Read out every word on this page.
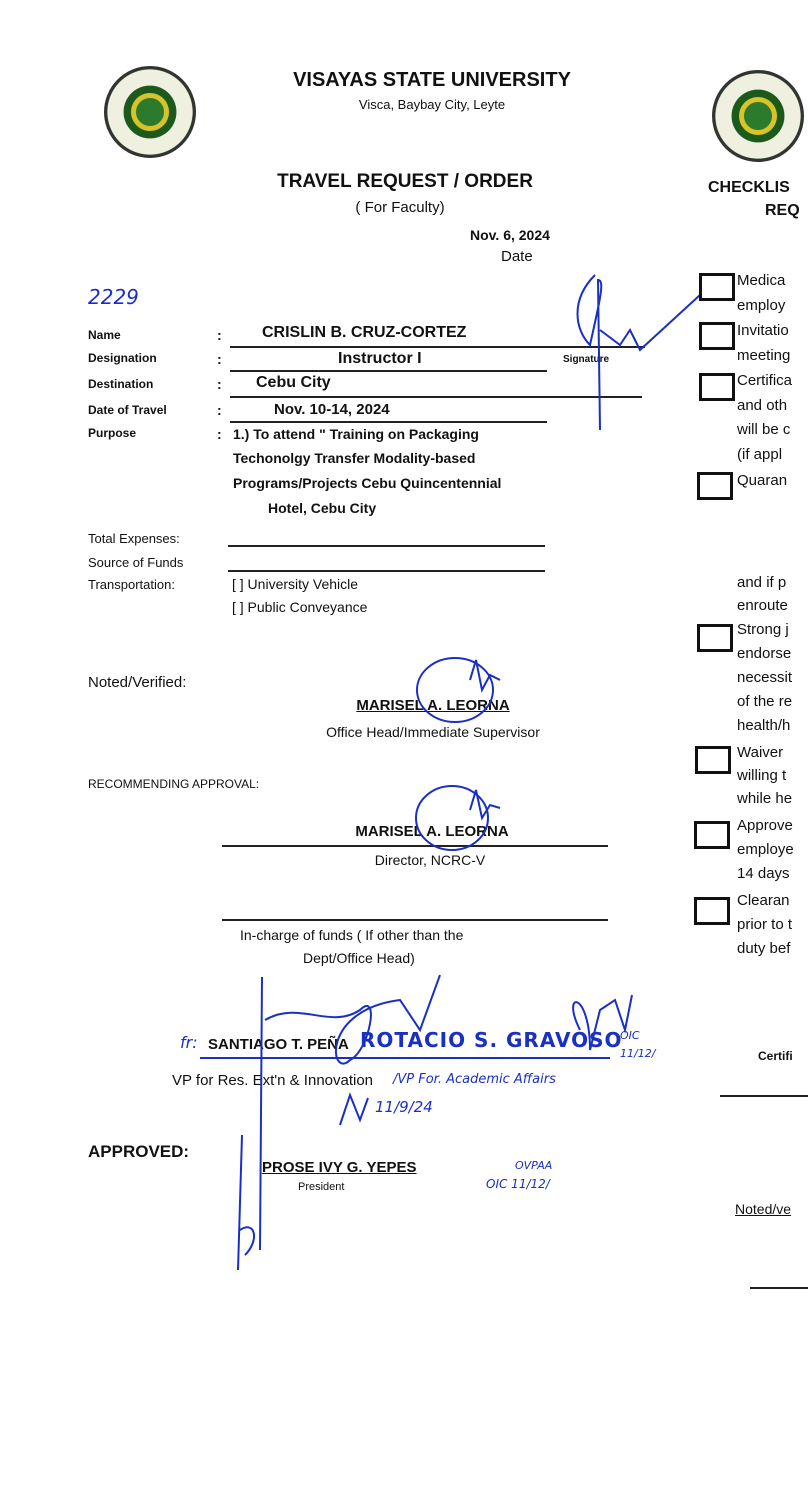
VISAYAS STATE UNIVERSITY
Visca, Baybay City, Leyte
TRAVEL REQUEST / ORDER
( For Faculty)
Nov. 6, 2024
Date
2229
Name
Designation
Destination
Date of Travel
Purpose
:
:
:
:
:
CRISLIN B. CRUZ-CORTEZ
Instructor I
Cebu City
Nov. 10-14, 2024
1.) To attend " Training on Packaging
Techonolgy Transfer Modality-based
Programs/Projects Cebu Quincentennial
Hotel, Cebu City
Signature
Total Expenses:
Source of Funds
Transportation:	[ ] University Vehicle
[ ] Public Conveyance
Noted/Verified:
MARISEL A. LEORNA
Office Head/Immediate Supervisor
RECOMMENDING APPROVAL:
MARISEL A. LEORNA
Director, NCRC-V
In-charge of funds ( If other than the
Dept/Office Head)
fr: SANTIAGO T. PEÑA ROTACIO S. GRAVOSO
OIC
11/12/
VP for Res. Ext'n & Innovation /VP For. Academic Affairs
11/9/24
APPROVED:
PROSE IVY G. YEPES
President
OVPAA
OIC 11/12/
CHECKLIS
REQ
Medica
employ
Invitatio
meeting
Certifica
and oth
will be c
(if appl
Quaran
and if p
enroute
Strong j
endorse
necessit
of the re
health/h
Waiver
willing t
while he
Approve
employe
14 days
Clearan
prior to t
duty bef
Certifi
Noted/ve
